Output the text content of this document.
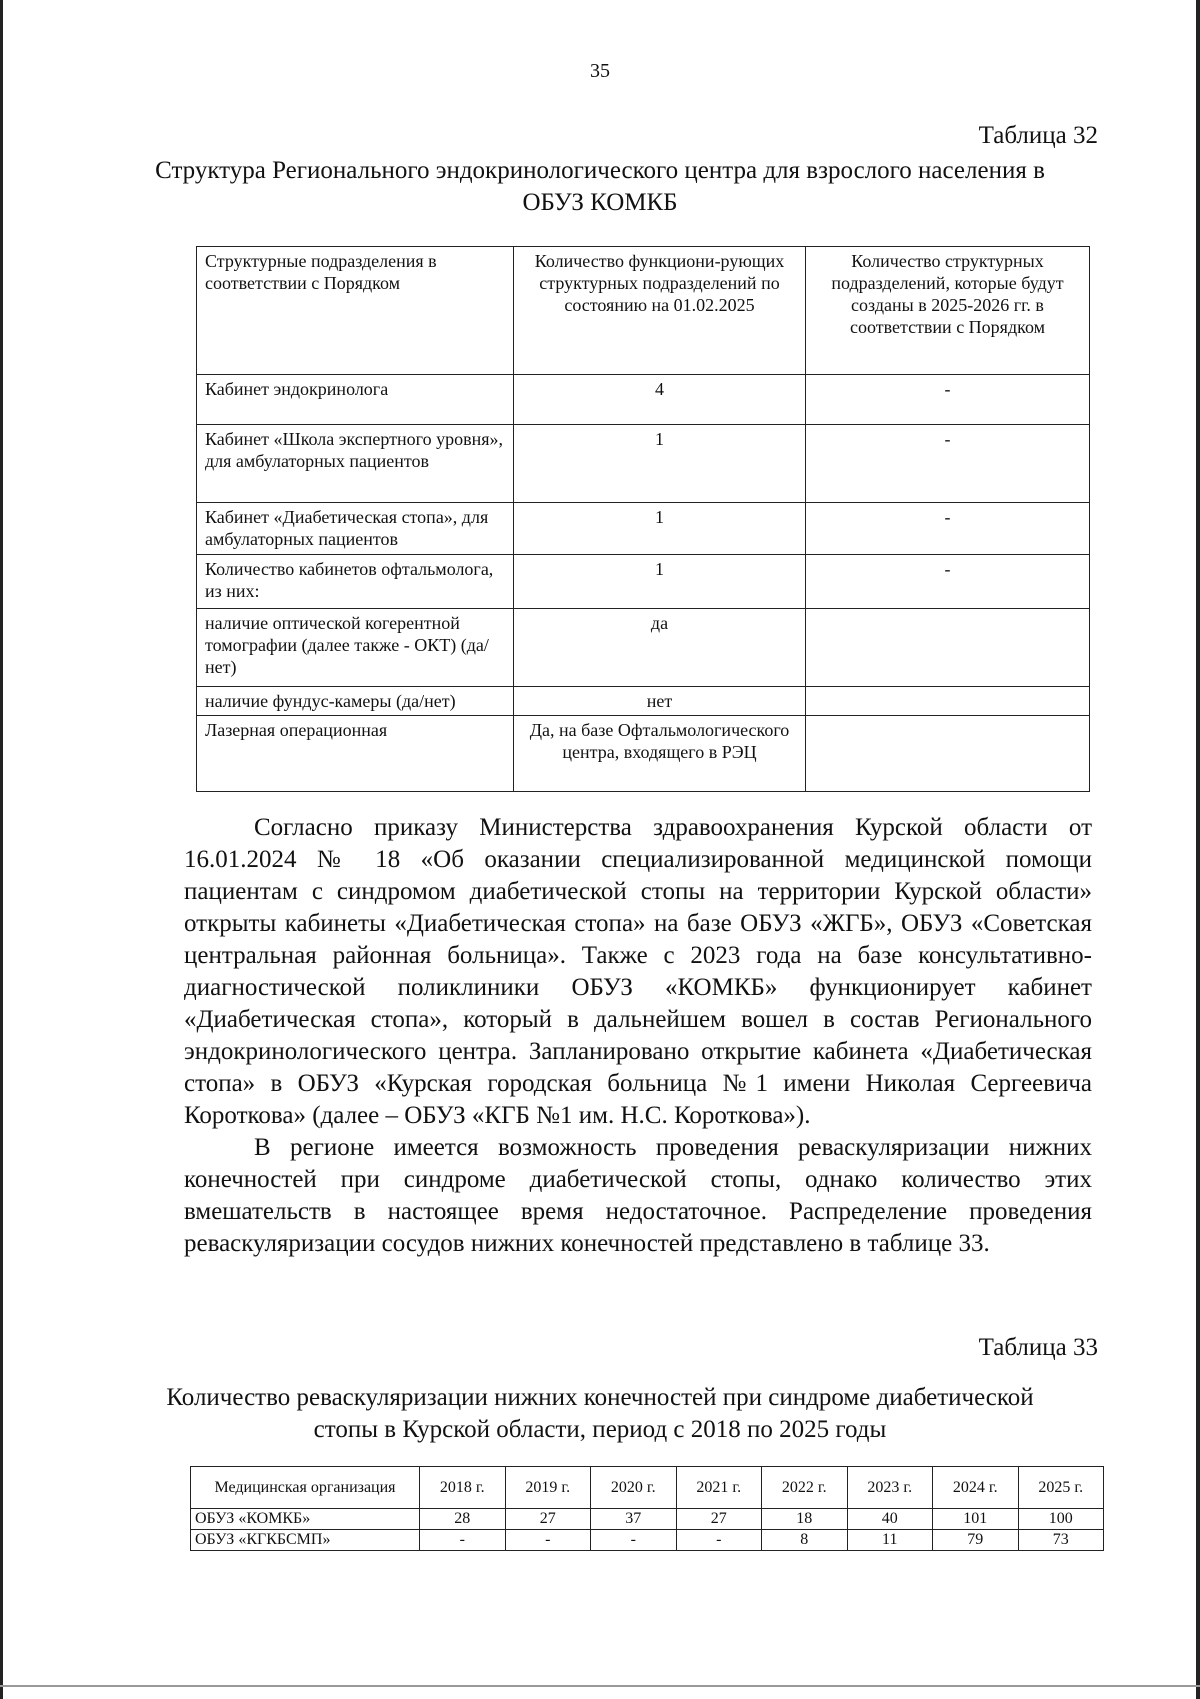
35
Таблица 32
Структура Регионального эндокринологического центра для взрослого населения в ОБУЗ КОМКБ
Структурные подразделения в соответствии с Порядком	Количество функциони-рующих структурных подразделений по состоянию на 01.02.2025	Количество структурных подразделений, которые будут созданы в 2025-2026 гг. в соответствии с Порядком
Кабинет эндокринолога	4	-
Кабинет «Школа экспертного уровня», для амбулаторных пациентов	1	-
Кабинет «Диабетическая стопа», для амбулаторных пациентов	1	-
Количество кабинетов офтальмолога, из них:	1	-
наличие оптической когерентной томографии (далее также - ОКТ) (да/нет)	да	
наличие фундус-камеры (да/нет)	нет	
Лазерная операционная	Да, на базе Офтальмологического центра, входящего в РЭЦ	

Согласно приказу Министерства здравоохранения Курской области от 16.01.2024 № 18 «Об оказании специализированной медицинской помощи пациентам с синдромом диабетической стопы на территории Курской области» открыты кабинеты «Диабетическая стопа» на базе ОБУЗ «ЖГБ», ОБУЗ «Советская центральная районная больница». Также с 2023 года на базе консультативно-диагностической поликлиники ОБУЗ «КОМКБ» функционирует кабинет «Диабетическая стопа», который в дальнейшем вошел в состав Регионального эндокринологического центра. Запланировано открытие кабинета «Диабетическая стопа» в ОБУЗ «Курская городская больница №1 имени Николая Сергеевича Короткова» (далее – ОБУЗ «КГБ №1 им. Н.С. Короткова»).

В регионе имеется возможность проведения реваскуляризации нижних конечностей при синдроме диабетической стопы, однако количество этих вмешательств в настоящее время недостаточное. Распределение проведения реваскуляризации сосудов нижних конечностей представлено в таблице 33.

Таблица 33
Количество реваскуляризации нижних конечностей при синдроме диабетической стопы в Курской области, период с 2018 по 2025 годы
Медицинская организация	2018 г.	2019 г.	2020 г.	2021 г.	2022 г.	2023 г.	2024 г.	2025 г.
ОБУЗ «КОМКБ»	28	27	37	27	18	40	101	100
ОБУЗ «КГКБСМП»	-	-	-	-	8	11	79	73
